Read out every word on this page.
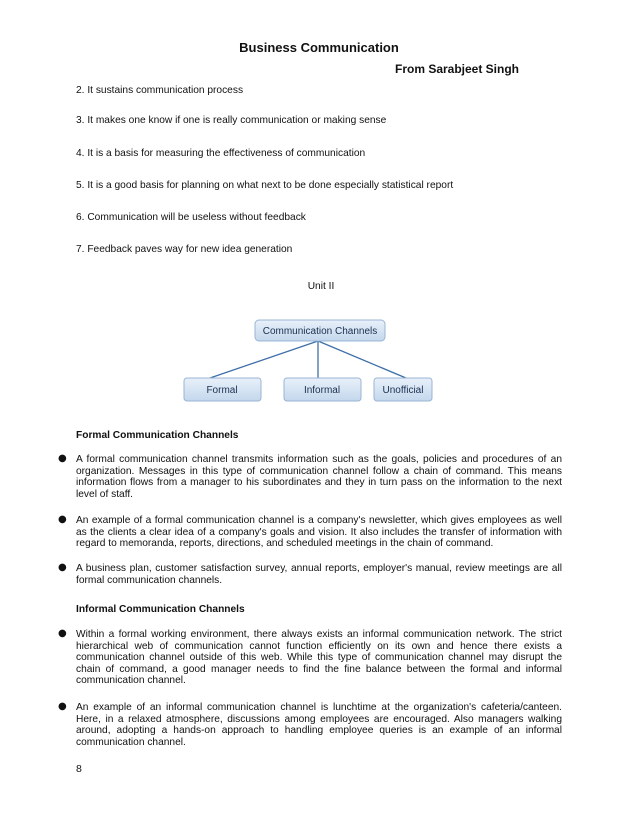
Business Communication
From Sarabjeet Singh
2. It sustains communication process
3. It makes one know if one is really communication or making sense
4. It is a basis for measuring the effectiveness of communication
5. It is a good basis for planning on what next to be done especially statistical report
6. Communication will be useless without feedback
7. Feedback paves way for new idea generation
Unit II
Communication Channels
Formal	Informal	Unofficial
Formal Communication Channels
● A formal communication channel transmits information such as the goals, policies and procedures of an organization. Messages in this type of communication channel follow a chain of command. This means information flows from a manager to his subordinates and they in turn pass on the information to the next level of staff.
● An example of a formal communication channel is a company's newsletter, which gives employees as well as the clients a clear idea of a company's goals and vision. It also includes the transfer of information with regard to memoranda, reports, directions, and scheduled meetings in the chain of command.
● A business plan, customer satisfaction survey, annual reports, employer's manual, review meetings are all formal communication channels.
Informal Communication Channels
● Within a formal working environment, there always exists an informal communication network. The strict hierarchical web of communication cannot function efficiently on its own and hence there exists a communication channel outside of this web. While this type of communication channel may disrupt the chain of command, a good manager needs to find the fine balance between the formal and informal communication channel.
● An example of an informal communication channel is lunchtime at the organization's cafeteria/canteen. Here, in a relaxed atmosphere, discussions among employees are encouraged. Also managers walking around, adopting a hands-on approach to handling employee queries is an example of an informal communication channel.
8
